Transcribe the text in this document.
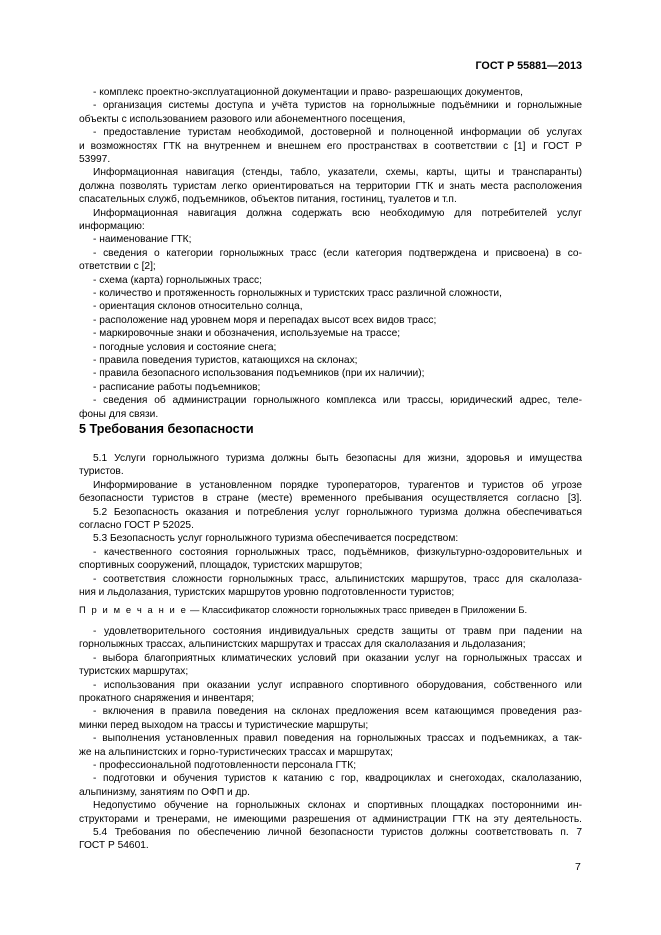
ГОСТ Р 55881—2013
- комплекс проектно-эксплуатационной документации и право- разрешающих документов,
- организация системы доступа и учёта туристов на горнолыжные подъёмники и горнолыжные
объекты с использованием разового или абонементного посещения,
- предоставление туристам необходимой, достоверной и полноценной информации об услугах
и возможностях ГТК на внутреннем и внешнем его пространствах в соответствии с [1] и ГОСТ Р
53997.
Информационная навигация (стенды, табло, указатели, схемы, карты, щиты и транспаранты)
должна позволять туристам легко ориентироваться на территории ГТК и знать места расположения
спасательных служб, подъемников, объектов питания, гостиниц, туалетов и т.п.
Информационная навигация должна содержать всю необходимую для потребителей услуг
информацию:
- наименование ГТК;
- сведения о категории горнолыжных трасс (если категория подтверждена и присвоена) в со-
ответствии с [2];
- схема (карта) горнолыжных трасс;
- количество и протяженность горнолыжных и туристских трасс различной сложности,
- ориентация склонов относительно солнца,
- расположение над уровнем моря и перепадах высот всех видов трасс;
- маркировочные знаки и обозначения, используемые на трассе;
- погодные условия и состояние снега;
- правила поведения туристов, катающихся на склонах;
- правила безопасного использования подъемников (при их наличии);
- расписание работы подъемников;
- сведения об администрации горнолыжного комплекса или трассы, юридический адрес, теле-
фоны для связи.
5 Требования безопасности
5.1 Услуги горнолыжного туризма должны быть безопасны для жизни, здоровья и имущества
туристов.
Информирование в установленном порядке туроператоров, турагентов и туристов об угрозе
безопасности туристов в стране (месте) временного пребывания осуществляется согласно [3].
5.2 Безопасность оказания и потребления услуг горнолыжного туризма должна обеспечиваться
согласно ГОСТ Р 52025.
5.3 Безопасность услуг горнолыжного туризма обеспечивается посредством:
- качественного состояния горнолыжных трасс, подъёмников, физкультурно-оздоровительных и
спортивных сооружений, площадок, туристских маршрутов;
- соответствия сложности горнолыжных трасс, альпинистских маршрутов, трасс для скалолаза-
ния и льдолазания, туристских маршрутов уровню подготовленности туристов;
П р и м е ч а н и е — Классификатор сложности горнолыжных трасс приведен в Приложении Б.
- удовлетворительного состояния индивидуальных средств защиты от травм при падении на
горнолыжных трассах, альпинистских маршрутах и трассах для скалолазания и льдолазания;
- выбора благоприятных климатических условий при оказании услуг на горнолыжных трассах и
туристских маршрутах;
- использования при оказании услуг исправного спортивного оборудования, собственного или
прокатного снаряжения и инвентаря;
- включения в правила поведения на склонах предложения всем катающимся проведения раз-
минки перед выходом на трассы и туристические маршруты;
- выполнения установленных правил поведения на горнолыжных трассах и подъемниках, а так-
же на альпинистских и горно-туристических трассах и маршрутах;
- профессиональной подготовленности персонала ГТК;
- подготовки и обучения туристов к катанию с гор, квадроциклах и снегоходах, скалолазанию,
альпинизму, занятиям по ОФП и др.
Недопустимо обучение на горнолыжных склонах и спортивных площадках посторонними ин-
структорами и тренерами, не имеющими разрешения от администрации ГТК на эту деятельность.
5.4 Требования по обеспечению личной безопасности туристов должны соответствовать п. 7
ГОСТ Р 54601.
7
